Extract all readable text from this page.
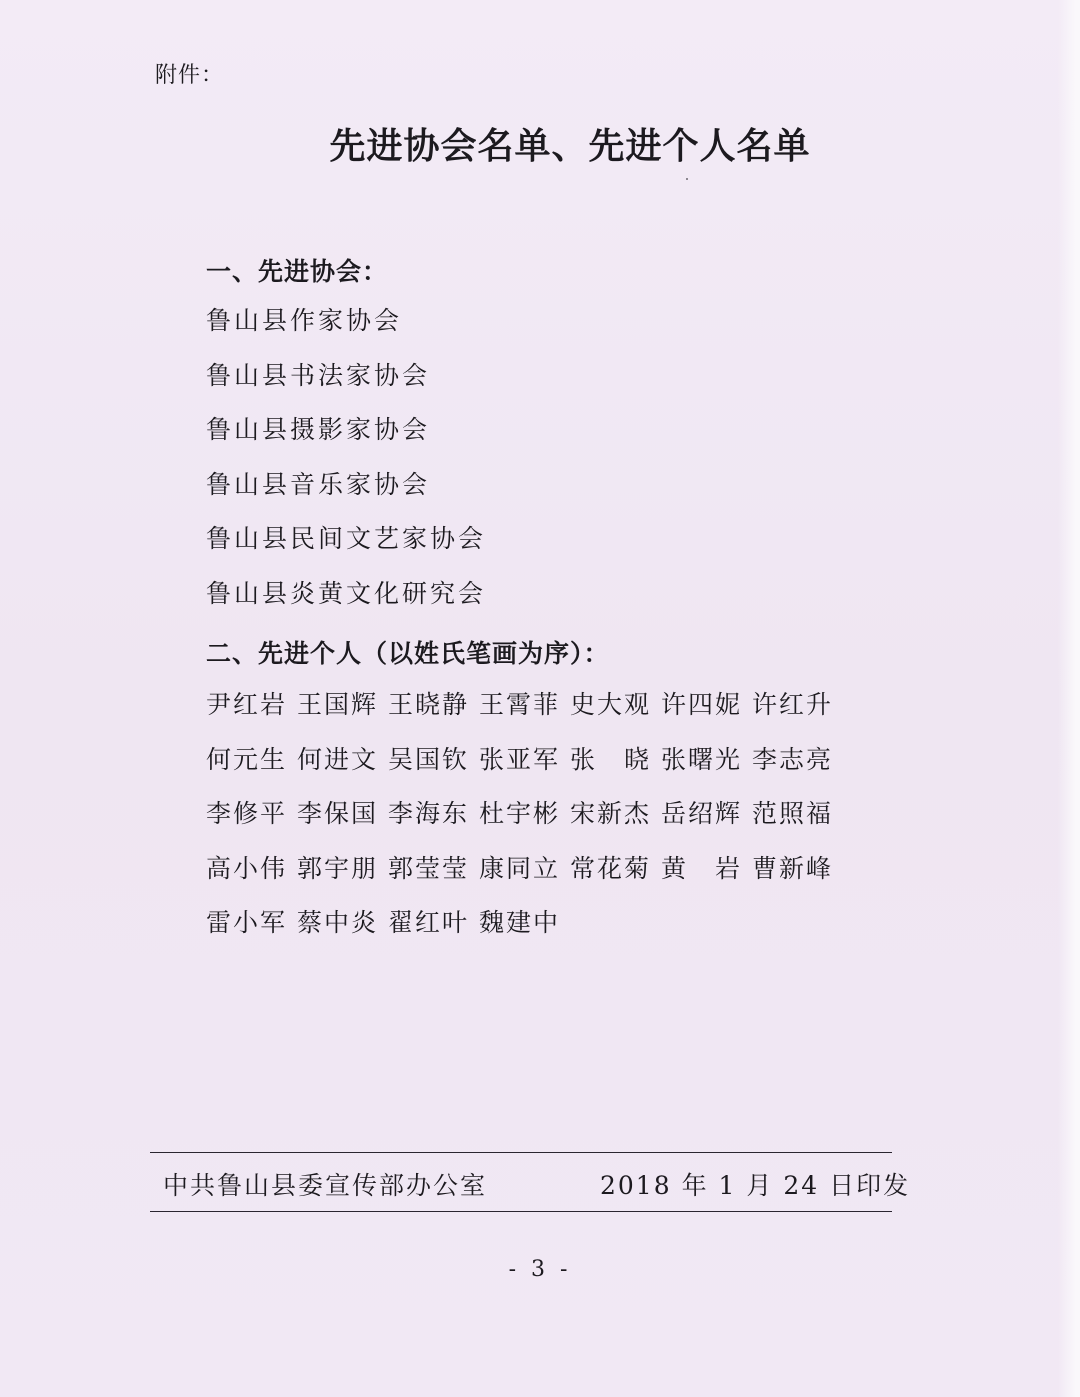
附件：
先进协会名单、先进个人名单
一、先进协会：
鲁山县作家协会
鲁山县书法家协会
鲁山县摄影家协会
鲁山县音乐家协会
鲁山县民间文艺家协会
鲁山县炎黄文化研究会
二、先进个人（以姓氏笔画为序）：
尹红岩 王国辉 王晓静 王霄菲 史大观 许四妮 许红升
何元生 何进文 吴国钦 张亚军 张　晓 张曙光 李志亮
李修平 李保国 李海东 杜宇彬 宋新杰 岳绍辉 范照福
高小伟 郭宇朋 郭莹莹 康同立 常花菊 黄　岩 曹新峰
雷小军 蔡中炎 翟红叶 魏建中
中共鲁山县委宣传部办公室	2018 年 1 月 24 日印发
- 3 -
